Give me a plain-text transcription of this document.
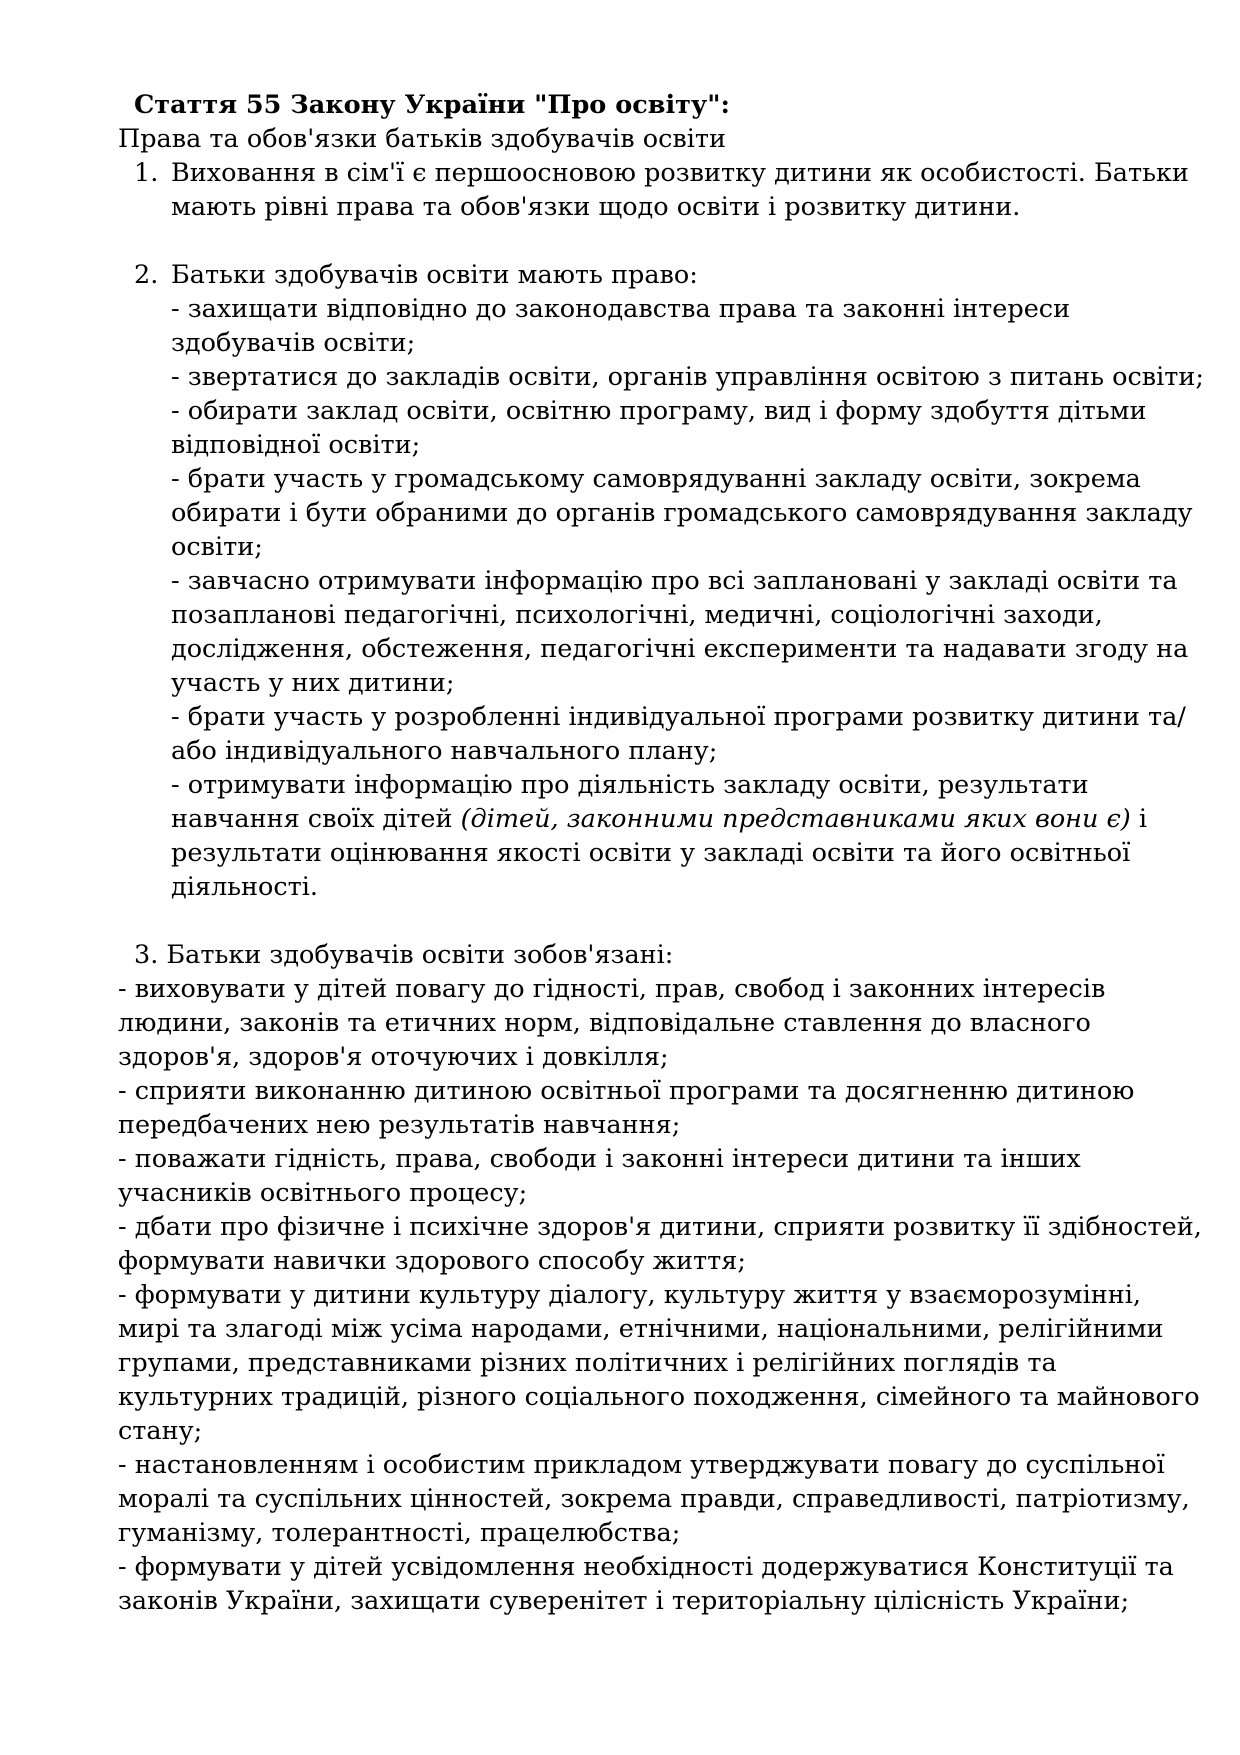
Стаття 55 Закону України "Про освіту":
Права та обов'язки батьків здобувачів освіти
1. Виховання в сім'ї є першоосновою розвитку дитини як особистості. Батьки мають рівні права та обов'язки щодо освіти і розвитку дитини.
2. Батьки здобувачів освіти мають право:
- захищати відповідно до законодавства права та законні інтереси здобувачів освіти;
- звертатися до закладів освіти, органів управління освітою з питань освіти;
- обирати заклад освіти, освітню програму, вид і форму здобуття дітьми відповідної освіти;
- брати участь у громадському самоврядуванні закладу освіти, зокрема обирати і бути обраними до органів громадського самоврядування закладу освіти;
- завчасно отримувати інформацію про всі заплановані у закладі освіти та позапланові педагогічні, психологічні, медичні, соціологічні заходи, дослідження, обстеження, педагогічні експерименти та надавати згоду на участь у них дитини;
- брати участь у розробленні індивідуальної програми розвитку дитини та/або індивідуального навчального плану;
- отримувати інформацію про діяльність закладу освіти, результати навчання своїх дітей (дітей, законними представниками яких вони є) і результати оцінювання якості освіти у закладі освіти та його освітньої діяльності.
3. Батьки здобувачів освіти зобов'язані:
- виховувати у дітей повагу до гідності, прав, свобод і законних інтересів людини, законів та етичних норм, відповідальне ставлення до власного здоров'я, здоров'я оточуючих і довкілля;
- сприяти виконанню дитиною освітньої програми та досягненню дитиною передбачених нею результатів навчання;
- поважати гідність, права, свободи і законні інтереси дитини та інших учасників освітнього процесу;
- дбати про фізичне і психічне здоров'я дитини, сприяти розвитку її здібностей, формувати навички здорового способу життя;
- формувати у дитини культуру діалогу, культуру життя у взаєморозумінні, мирі та злагоді між усіма народами, етнічними, національними, релігійними групами, представниками різних політичних і релігійних поглядів та культурних традицій, різного соціального походження, сімейного та майнового стану;
- настановленням і особистим прикладом утверджувати повагу до суспільної моралі та суспільних цінностей, зокрема правди, справедливості, патріотизму, гуманізму, толерантності, працелюбства;
- формувати у дітей усвідомлення необхідності додержуватися Конституції та законів України, захищати суверенітет і територіальну цілісність України;
